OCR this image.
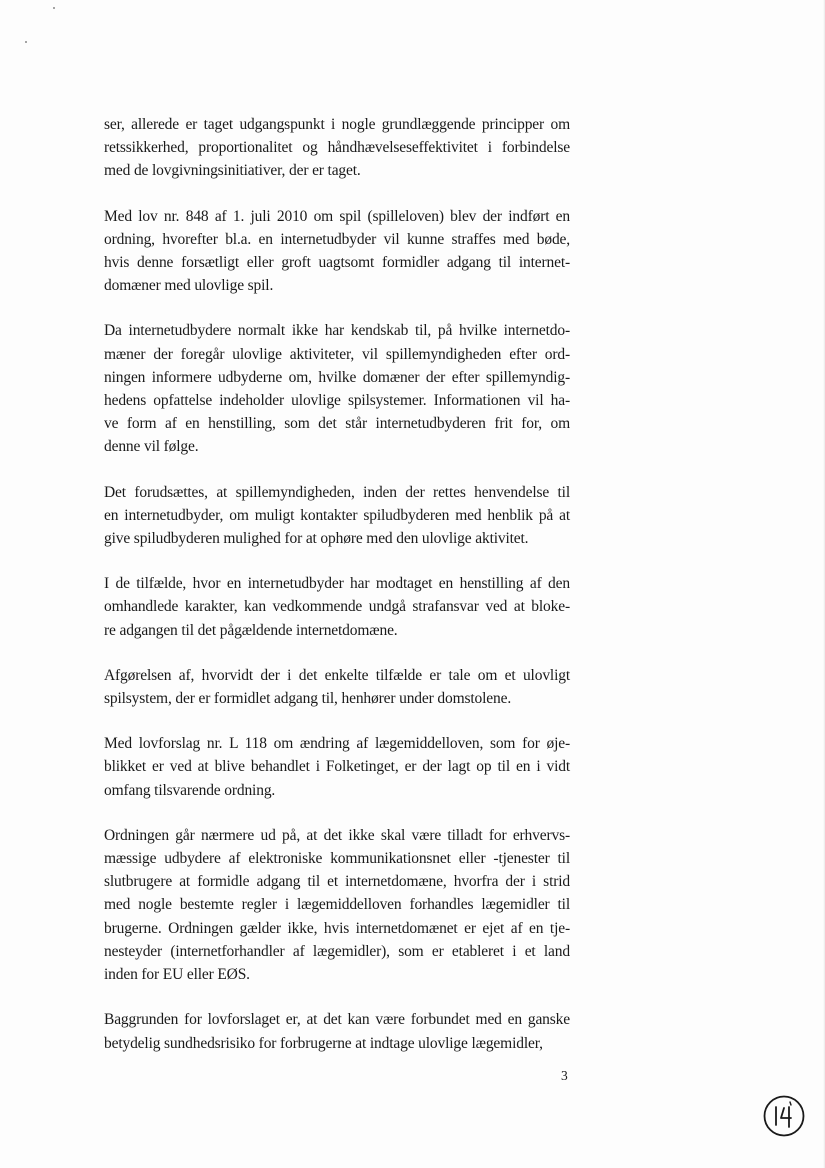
ser, allerede er taget udgangspunkt i nogle grundlæggende principper om
retssikkerhed, proportionalitet og håndhævelseseffektivitet i forbindelse
med de lovgivningsinitiativer, der er taget.
Med lov nr. 848 af 1. juli 2010 om spil (spilleloven) blev der indført en
ordning, hvorefter bl.a. en internetudbyder vil kunne straffes med bøde,
hvis denne forsætligt eller groft uagtsomt formidler adgang til internet-
domæner med ulovlige spil.
Da internetudbydere normalt ikke har kendskab til, på hvilke internetdo-
mæner der foregår ulovlige aktiviteter, vil spillemyndigheden efter ord-
ningen informere udbyderne om, hvilke domæner der efter spillemyndig-
hedens opfattelse indeholder ulovlige spilsystemer. Informationen vil ha-
ve form af en henstilling, som det står internetudbyderen frit for, om
denne vil følge.
Det forudsættes, at spillemyndigheden, inden der rettes henvendelse til
en internetudbyder, om muligt kontakter spiludbyderen med henblik på at
give spiludbyderen mulighed for at ophøre med den ulovlige aktivitet.
I de tilfælde, hvor en internetudbyder har modtaget en henstilling af den
omhandlede karakter, kan vedkommende undgå strafansvar ved at bloke-
re adgangen til det pågældende internetdomæne.
Afgørelsen af, hvorvidt der i det enkelte tilfælde er tale om et ulovligt
spilsystem, der er formidlet adgang til, henhører under domstolene.
Med lovforslag nr. L 118 om ændring af lægemiddelloven, som for øje-
blikket er ved at blive behandlet i Folketinget, er der lagt op til en i vidt
omfang tilsvarende ordning.
Ordningen går nærmere ud på, at det ikke skal være tilladt for erhvervs-
mæssige udbydere af elektroniske kommunikationsnet eller -tjenester til
slutbrugere at formidle adgang til et internetdomæne, hvorfra der i strid
med nogle bestemte regler i lægemiddelloven forhandles lægemidler til
brugerne. Ordningen gælder ikke, hvis internetdomænet er ejet af en tje-
nesteyder (internetforhandler af lægemidler), som er etableret i et land
inden for EU eller EØS.
Baggrunden for lovforslaget er, at det kan være forbundet med en ganske
betydelig sundhedsrisiko for forbrugerne at indtage ulovlige lægemidler,
3
